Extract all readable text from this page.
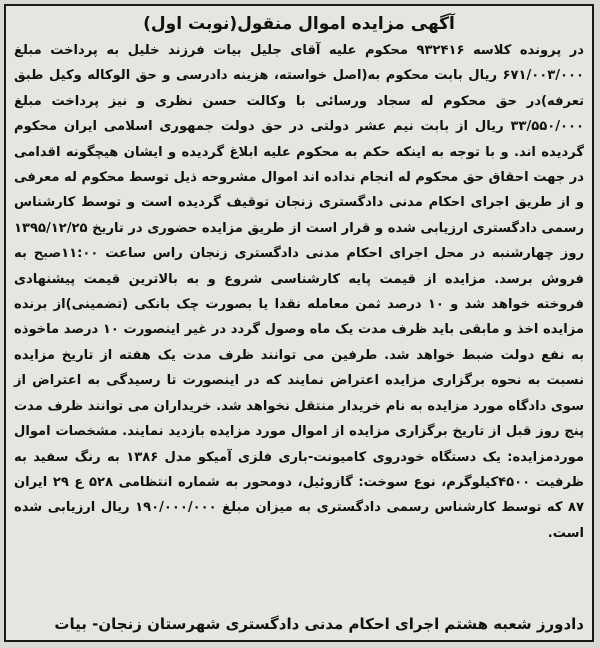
آگهی مزایده اموال منقول(نوبت اول)
در پرونده کلاسه ۹۳۲۴۱۶ محکوم علیه آقای جلیل بیات فرزند خلیل به پرداخت مبلغ ۶۷۱/۰۰۳/۰۰۰ ریال بابت محکوم به(اصل خواسته، هزینه دادرسی و حق الوکاله وکیل طبق تعرفه)در حق محکوم له سجاد ورسائی با وکالت حسن نظری و نیز پرداخت مبلغ ۳۳/۵۵۰/۰۰۰ ریال از بابت نیم عشر دولتی در حق دولت جمهوری اسلامی ایران محکوم گردیده اند. و با توجه به اینکه حکم به محکوم علیه ابلاغ گردیده و ایشان هیچگونه اقدامی در جهت احقاق حق محکوم له انجام نداده اند اموال مشروحه ذیل توسط محکوم له معرفی و از طریق اجرای احکام مدنی دادگستری زنجان توقیف گردیده است و توسط کارشناس رسمی دادگستری ارزیابی شده و قرار است از طریق مزایده حضوری در تاریخ ۱۳۹۵/۱۲/۲۵ روز چهارشنبه در محل اجرای احکام مدنی دادگستری زنجان راس ساعت ۱۱:۰۰صبح به فروش برسد. مزایده از قیمت پایه کارشناسی شروع و به بالاترین قیمت پیشنهادی فروخته خواهد شد و ۱۰ درصد ثمن معامله نقدا یا بصورت چک بانکی (تضمینی)از برنده مزایده اخذ و مابقی باید ظرف مدت یک ماه وصول گردد در غیر اینصورت ۱۰ درصد ماخوذه به نفع دولت ضبط خواهد شد. طرفین می توانند ظرف مدت یک هفته از تاریخ مزایده نسبت به نحوه برگزاری مزایده اعتراض نمایند که در اینصورت تا رسیدگی به اعتراض از سوی دادگاه مورد مزایده به نام خریدار منتقل نخواهد شد. خریداران می توانند ظرف مدت پنج روز قبل از تاریخ برگزاری مزایده از اموال مورد مزایده بازدید نمایند. مشخصات اموال موردمزایده: یک دستگاه خودروی کامیونت-باری فلزی آمیکو مدل ۱۳۸۶ به رنگ سفید به ظرفیت ۴۵۰۰کیلوگرم، نوع سوخت: گازوئیل، دومحور به شماره انتظامی ۵۲۸ ع ۲۹ ایران ۸۷ که توسط کارشناس رسمی دادگستری به میزان مبلغ ۱۹۰/۰۰۰/۰۰۰ ریال ارزیابی شده است.
دادورز شعبه هشتم اجرای احکام مدنی دادگستری شهرستان زنجان- بیات
